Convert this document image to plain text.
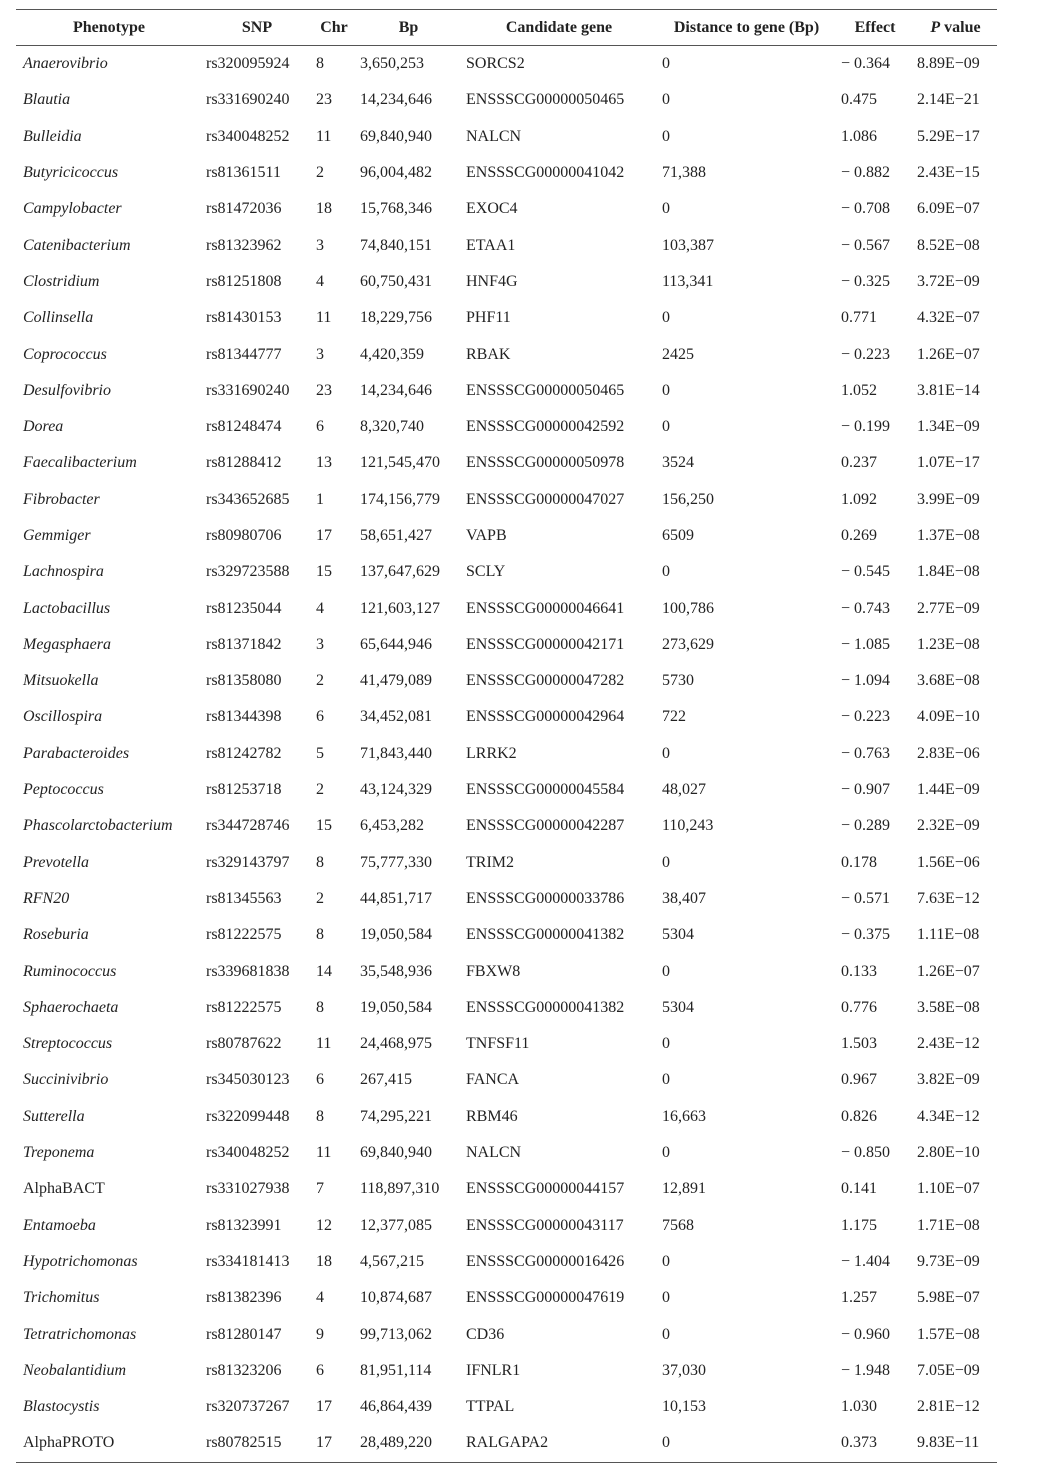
Phenotype	SNP	Chr	Bp	Candidate gene	Distance to gene (Bp)	Effect	P value
Anaerovibrio	rs320095924	8	3,650,253	SORCS2	0	− 0.364	8.89E−09
Blautia	rs331690240	23	14,234,646	ENSSSCG00000050465	0	0.475	2.14E−21
Bulleidia	rs340048252	11	69,840,940	NALCN	0	1.086	5.29E−17
Butyricicoccus	rs81361511	2	96,004,482	ENSSSCG00000041042	71,388	− 0.882	2.43E−15
Campylobacter	rs81472036	18	15,768,346	EXOC4	0	− 0.708	6.09E−07
Catenibacterium	rs81323962	3	74,840,151	ETAA1	103,387	− 0.567	8.52E−08
Clostridium	rs81251808	4	60,750,431	HNF4G	113,341	− 0.325	3.72E−09
Collinsella	rs81430153	11	18,229,756	PHF11	0	0.771	4.32E−07
Coprococcus	rs81344777	3	4,420,359	RBAK	2425	− 0.223	1.26E−07
Desulfovibrio	rs331690240	23	14,234,646	ENSSSCG00000050465	0	1.052	3.81E−14
Dorea	rs81248474	6	8,320,740	ENSSSCG00000042592	0	− 0.199	1.34E−09
Faecalibacterium	rs81288412	13	121,545,470	ENSSSCG00000050978	3524	0.237	1.07E−17
Fibrobacter	rs343652685	1	174,156,779	ENSSSCG00000047027	156,250	1.092	3.99E−09
Gemmiger	rs80980706	17	58,651,427	VAPB	6509	0.269	1.37E−08
Lachnospira	rs329723588	15	137,647,629	SCLY	0	− 0.545	1.84E−08
Lactobacillus	rs81235044	4	121,603,127	ENSSSCG00000046641	100,786	− 0.743	2.77E−09
Megasphaera	rs81371842	3	65,644,946	ENSSSCG00000042171	273,629	− 1.085	1.23E−08
Mitsuokella	rs81358080	2	41,479,089	ENSSSCG00000047282	5730	− 1.094	3.68E−08
Oscillospira	rs81344398	6	34,452,081	ENSSSCG00000042964	722	− 0.223	4.09E−10
Parabacteroides	rs81242782	5	71,843,440	LRRK2	0	− 0.763	2.83E−06
Peptococcus	rs81253718	2	43,124,329	ENSSSCG00000045584	48,027	− 0.907	1.44E−09
Phascolarctobacterium	rs344728746	15	6,453,282	ENSSSCG00000042287	110,243	− 0.289	2.32E−09
Prevotella	rs329143797	8	75,777,330	TRIM2	0	0.178	1.56E−06
RFN20	rs81345563	2	44,851,717	ENSSSCG00000033786	38,407	− 0.571	7.63E−12
Roseburia	rs81222575	8	19,050,584	ENSSSCG00000041382	5304	− 0.375	1.11E−08
Ruminococcus	rs339681838	14	35,548,936	FBXW8	0	0.133	1.26E−07
Sphaerochaeta	rs81222575	8	19,050,584	ENSSSCG00000041382	5304	0.776	3.58E−08
Streptococcus	rs80787622	11	24,468,975	TNFSF11	0	1.503	2.43E−12
Succinivibrio	rs345030123	6	267,415	FANCA	0	0.967	3.82E−09
Sutterella	rs322099448	8	74,295,221	RBM46	16,663	0.826	4.34E−12
Treponema	rs340048252	11	69,840,940	NALCN	0	− 0.850	2.80E−10
AlphaBACT	rs331027938	7	118,897,310	ENSSSCG00000044157	12,891	0.141	1.10E−07
Entamoeba	rs81323991	12	12,377,085	ENSSSCG00000043117	7568	1.175	1.71E−08
Hypotrichomonas	rs334181413	18	4,567,215	ENSSSCG00000016426	0	− 1.404	9.73E−09
Trichomitus	rs81382396	4	10,874,687	ENSSSCG00000047619	0	1.257	5.98E−07
Tetratrichomonas	rs81280147	9	99,713,062	CD36	0	− 0.960	1.57E−08
Neobalantidium	rs81323206	6	81,951,114	IFNLR1	37,030	− 1.948	7.05E−09
Blastocystis	rs320737267	17	46,864,439	TTPAL	10,153	1.030	2.81E−12
AlphaPROTO	rs80782515	17	28,489,220	RALGAPA2	0	0.373	9.83E−11
